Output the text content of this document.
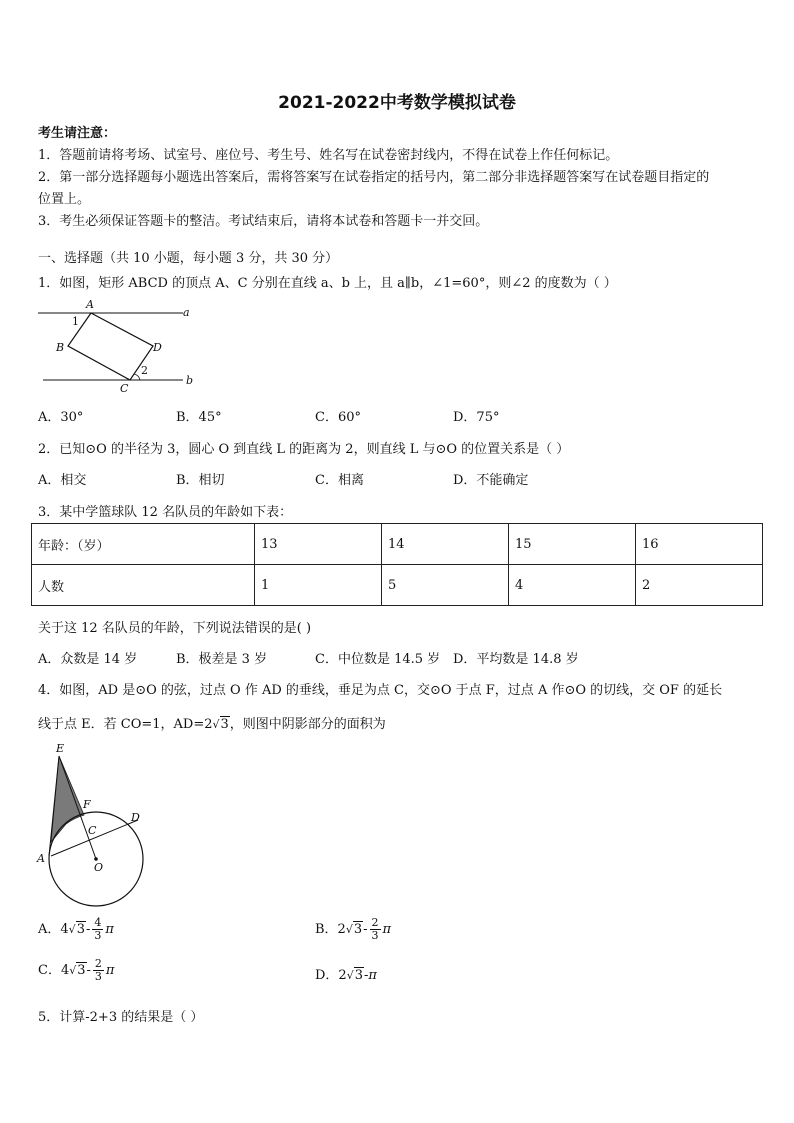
2021-2022中考数学模拟试卷
考生请注意：
1．答题前请将考场、试室号、座位号、考生号、姓名写在试卷密封线内，不得在试卷上作任何标记。
2．第一部分选择题每小题选出答案后，需将答案写在试卷指定的括号内，第二部分非选择题答案写在试卷题目指定的
位置上。
3．考生必须保证答题卡的整洁。考试结束后，请将本试卷和答题卡一并交回。
一、选择题（共 10 小题，每小题 3 分，共 30 分）
1．如图，矩形 ABCD 的顶点 A、C 分别在直线 a、b 上，且 a∥b，∠1=60°，则∠2 的度数为（ ）
A
B
C
D
a
b
1
2
A．30°	B．45°	C．60°	D．75°
2．已知⊙O 的半径为 3，圆心 O 到直线 L 的距离为 2，则直线 L 与⊙O 的位置关系是（ ）
A．相交	B．相切	C．相离	D．不能确定
3．某中学篮球队 12 名队员的年龄如下表：
年龄：（岁）	13	14	15	16
人数	1	5	4	2
关于这 12 名队员的年龄，下列说法错误的是( )
A．众数是 14 岁	B．极差是 3 岁	C．中位数是 14.5 岁 D．平均数是 14.8 岁
4．如图，AD 是⊙O 的弦，过点 O 作 AD 的垂线，垂足为点 C，交⊙O 于点 F，过点 A 作⊙O 的切线，交 OF 的延长
线于点 E．若 CO=1，AD=2√3，则图中阴影部分的面积为
E
F
C
D
A
O
A．$4√3- \frac{4}{3}$ π	B．$2√3- \frac{2}{3}$ π
C．$4√3- \frac{2}{3}$ π	D．2√3-π
5．计算-2+3 的结果是（ ）
